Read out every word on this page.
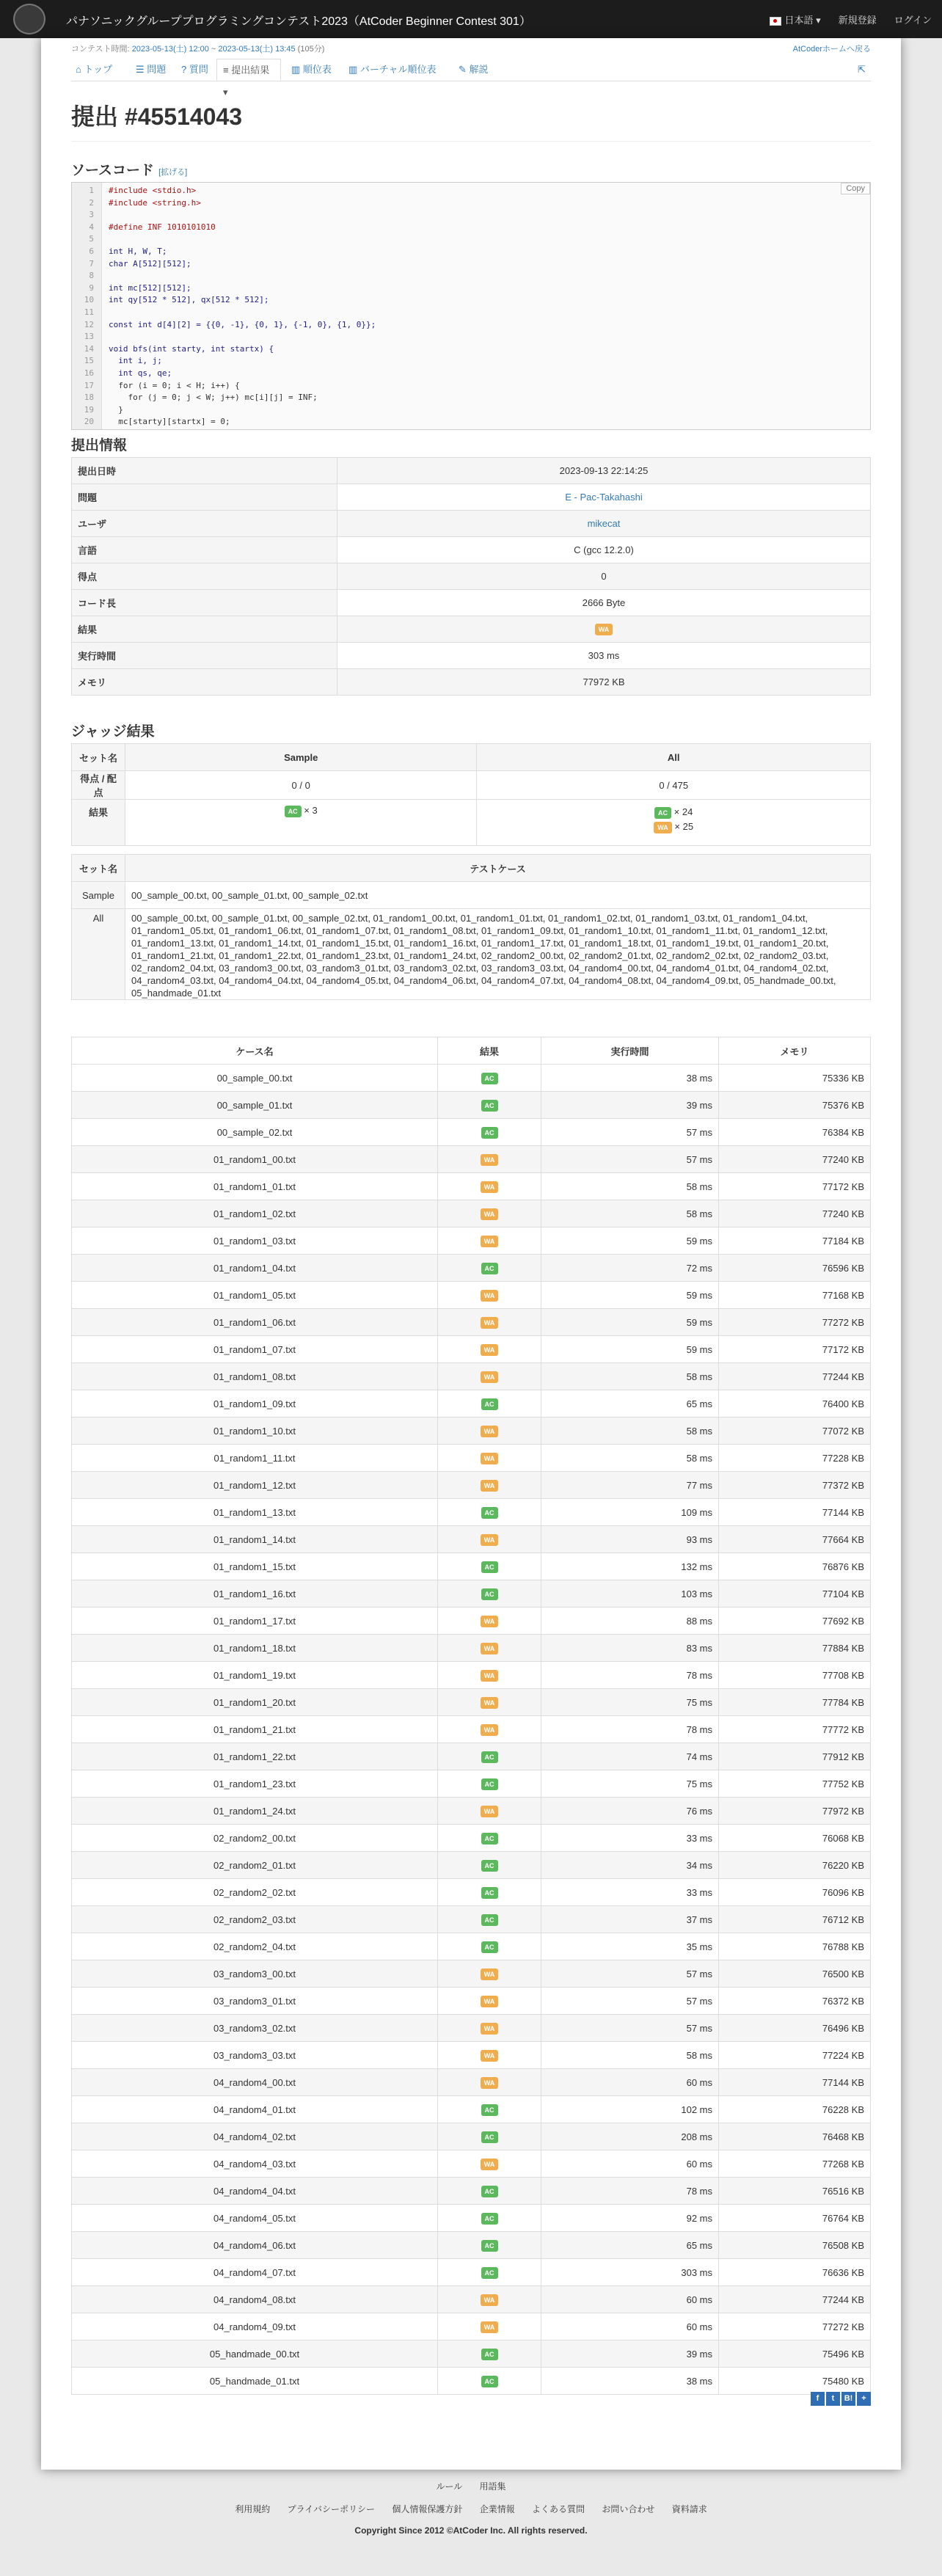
パナソニックグループプログラミングコンテスト2023（AtCoder Beginner Contest 301）	日本語 ▾ 新規登録 ログイン
コンテスト時間: 2023-05-13(土) 12:00 ~ 2023-05-13(土) 13:45 (105分)	AtCoderホームへ戻る
⌂ トップ ☰ 問題 ? 質問	≡ 提出結果 ▾
▥ 順位表 ▥ バーチャル順位表 ✎ 解説	⇱
提出 #45514043
ソースコード [拡げる]
1 #include <stdio.h>
2 #include <string.h>
3
4 #define INF 1010101010
5
6 int H, W, T;
7 char A[512][512];
8
9 int mc[512][512];
10 int qy[512 * 512], qx[512 * 512];
11
12 const int d[4][2] = {{0, -1}, {0, 1}, {-1, 0}, {1, 0}};
13
14 void bfs(int starty, int startx) {
15  int i, j;
16  int qs, qe;
17  for (i = 0; i < H; i++) {
18    for (j = 0; j < W; j++) mc[i][j] = INF;
19  }
20  mc[starty][startx] = 0;
Copy
提出情報
提出日時	2023-09-13 22:14:25
問題	E - Pac-Takahashi
ユーザ	mikecat
言語	C (gcc 12.2.0)
得点	0
コード長	2666 Byte
結果	WA
実行時間	303 ms
メモリ	77972 KB
ジャッジ結果
セット名	Sample	All
得点 / 配点	0 / 0	0 / 475
結果	AC × 3	AC × 24
WA × 25
セット名	テストケース
Sample	00_sample_00.txt, 00_sample_01.txt, 00_sample_02.txt
All	00_sample_00.txt, 00_sample_01.txt, 00_sample_02.txt, 01_random1_00.txt, 01_random1_01.txt, 01_random1_02.txt, 01_random1_03.txt, 01_random1_04.txt, 01_random1_05.txt, 01_random1_06.txt, 01_random1_07.txt, 01_random1_08.txt, 01_random1_09.txt, 01_random1_10.txt, 01_random1_11.txt, 01_random1_12.txt, 01_random1_13.txt, 01_random1_14.txt, 01_random1_15.txt, 01_random1_16.txt, 01_random1_17.txt, 01_random1_18.txt, 01_random1_19.txt, 01_random1_20.txt, 01_random1_21.txt, 01_random1_22.txt, 01_random1_23.txt, 01_random1_24.txt, 02_random2_00.txt, 02_random2_01.txt, 02_random2_02.txt, 02_random2_03.txt, 02_random2_04.txt, 03_random3_00.txt, 03_random3_01.txt, 03_random3_02.txt, 03_random3_03.txt, 04_random4_00.txt, 04_random4_01.txt, 04_random4_02.txt, 04_random4_03.txt, 04_random4_04.txt, 04_random4_05.txt, 04_random4_06.txt, 04_random4_07.txt, 04_random4_08.txt, 04_random4_09.txt, 05_handmade_00.txt, 05_handmade_01.txt
ケース名	結果	実行時間	メモリ
00_sample_00.txt	AC	38 ms	75336 KB
00_sample_01.txt	AC	39 ms	75376 KB
00_sample_02.txt	AC	57 ms	76384 KB
01_random1_00.txt	WA	57 ms	77240 KB
01_random1_01.txt	WA	58 ms	77172 KB
01_random1_02.txt	WA	58 ms	77240 KB
01_random1_03.txt	WA	59 ms	77184 KB
01_random1_04.txt	AC	72 ms	76596 KB
01_random1_05.txt	WA	59 ms	77168 KB
01_random1_06.txt	WA	59 ms	77272 KB
01_random1_07.txt	WA	59 ms	77172 KB
01_random1_08.txt	WA	58 ms	77244 KB
01_random1_09.txt	AC	65 ms	76400 KB
01_random1_10.txt	WA	58 ms	77072 KB
01_random1_11.txt	WA	58 ms	77228 KB
01_random1_12.txt	WA	77 ms	77372 KB
01_random1_13.txt	AC	109 ms	77144 KB
01_random1_14.txt	WA	93 ms	77664 KB
01_random1_15.txt	AC	132 ms	76876 KB
01_random1_16.txt	AC	103 ms	77104 KB
01_random1_17.txt	WA	88 ms	77692 KB
01_random1_18.txt	WA	83 ms	77884 KB
01_random1_19.txt	WA	78 ms	77708 KB
01_random1_20.txt	WA	75 ms	77784 KB
01_random1_21.txt	WA	78 ms	77772 KB
01_random1_22.txt	AC	74 ms	77912 KB
01_random1_23.txt	AC	75 ms	77752 KB
01_random1_24.txt	WA	76 ms	77972 KB
02_random2_00.txt	AC	33 ms	76068 KB
02_random2_01.txt	AC	34 ms	76220 KB
02_random2_02.txt	AC	33 ms	76096 KB
02_random2_03.txt	AC	37 ms	76712 KB
02_random2_04.txt	AC	35 ms	76788 KB
03_random3_00.txt	WA	57 ms	76500 KB
03_random3_01.txt	WA	57 ms	76372 KB
03_random3_02.txt	WA	57 ms	76496 KB
03_random3_03.txt	WA	58 ms	77224 KB
04_random4_00.txt	WA	60 ms	77144 KB
04_random4_01.txt	AC	102 ms	76228 KB
04_random4_02.txt	AC	208 ms	76468 KB
04_random4_03.txt	WA	60 ms	77268 KB
04_random4_04.txt	AC	78 ms	76516 KB
04_random4_05.txt	AC	92 ms	76764 KB
04_random4_06.txt	AC	65 ms	76508 KB
04_random4_07.txt	AC	303 ms	76636 KB
04_random4_08.txt	WA	60 ms	77244 KB
04_random4_09.txt	WA	60 ms	77272 KB
05_handmade_00.txt	AC	39 ms	75496 KB
05_handmade_01.txt	AC	38 ms	75480 KB
f	t	B!	+
ルール 用語集
利用規約 プライバシーポリシー 個人情報保護方針 企業情報 よくある質問 お問い合わせ 資料請求
Copyright Since 2012 ©AtCoder Inc. All rights reserved.
